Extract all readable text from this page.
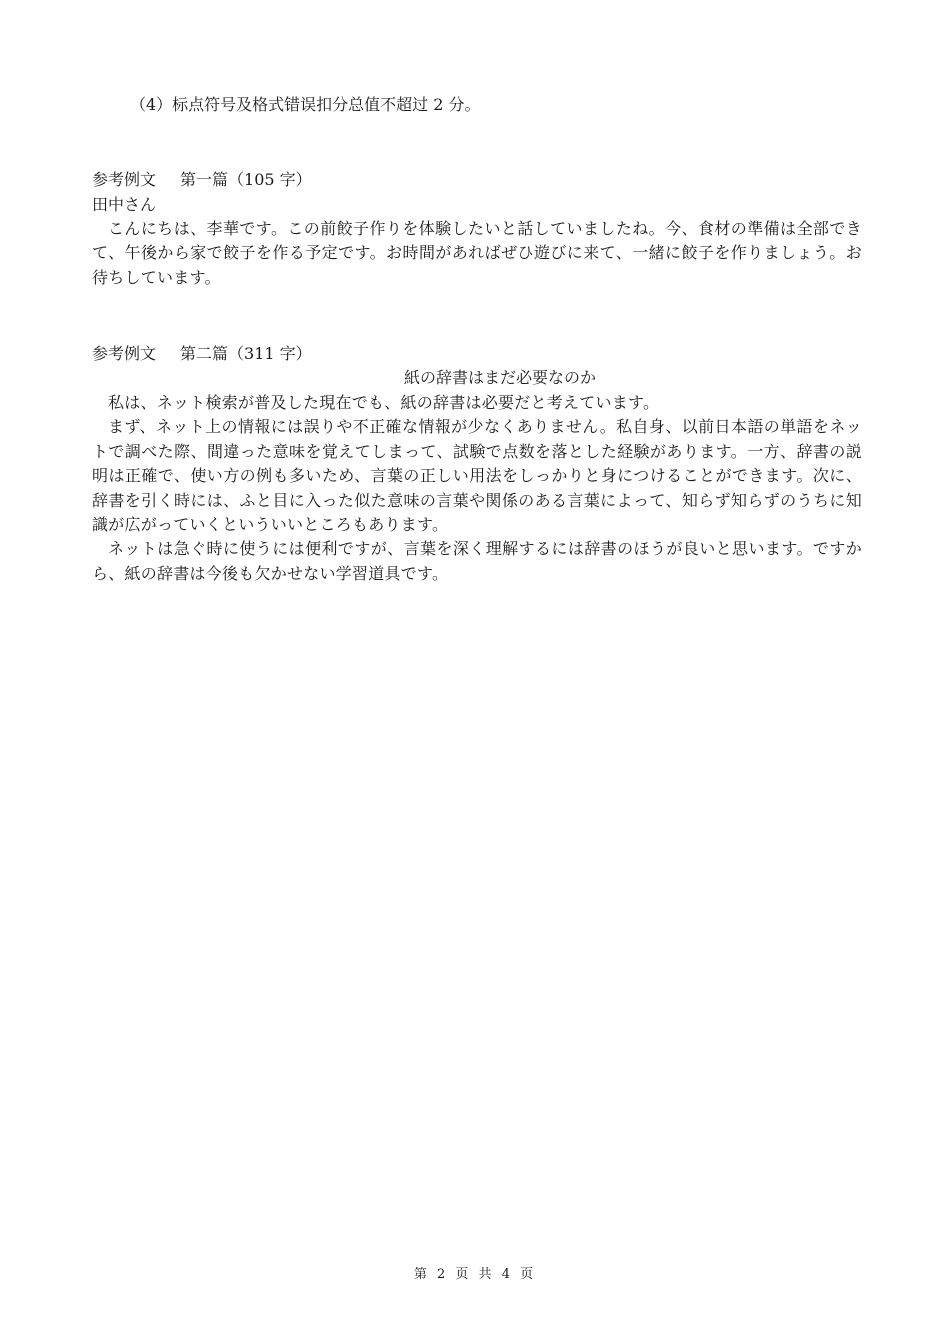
（4）标点符号及格式错误扣分总值不超过 2 分。
参考例文 第一篇（105 字）
田中さん

こんにちは、李華です。この前餃子作りを体験したいと話していましたね。今、食材の準備は全部できて、午後から家で餃子を作る予定です。お時間があればぜひ遊びに来て、一緒に餃子を作りましょう。お待ちしています。

参考例文 第二篇（311 字）
紙の辞書はまだ必要なのか

私は、ネット検索が普及した現在でも、紙の辞書は必要だと考えています。

まず、ネット上の情報には誤りや不正確な情報が少なくありません。私自身、以前日本語の単語をネットで調べた際、間違った意味を覚えてしまって、試験で点数を落とした経験があります。一方、辞書の説明は正確で、使い方の例も多いため、言葉の正しい用法をしっかりと身につけることができます。次に、辞書を引く時には、ふと目に入った似た意味の言葉や関係のある言葉によって、知らず知らずのうちに知識が広がっていくといういいところもあります。

ネットは急ぐ時に使うには便利ですが、言葉を深く理解するには辞書のほうが良いと思います。ですから、紙の辞書は今後も欠かせない学習道具です。

第 2 页 共 4 页
